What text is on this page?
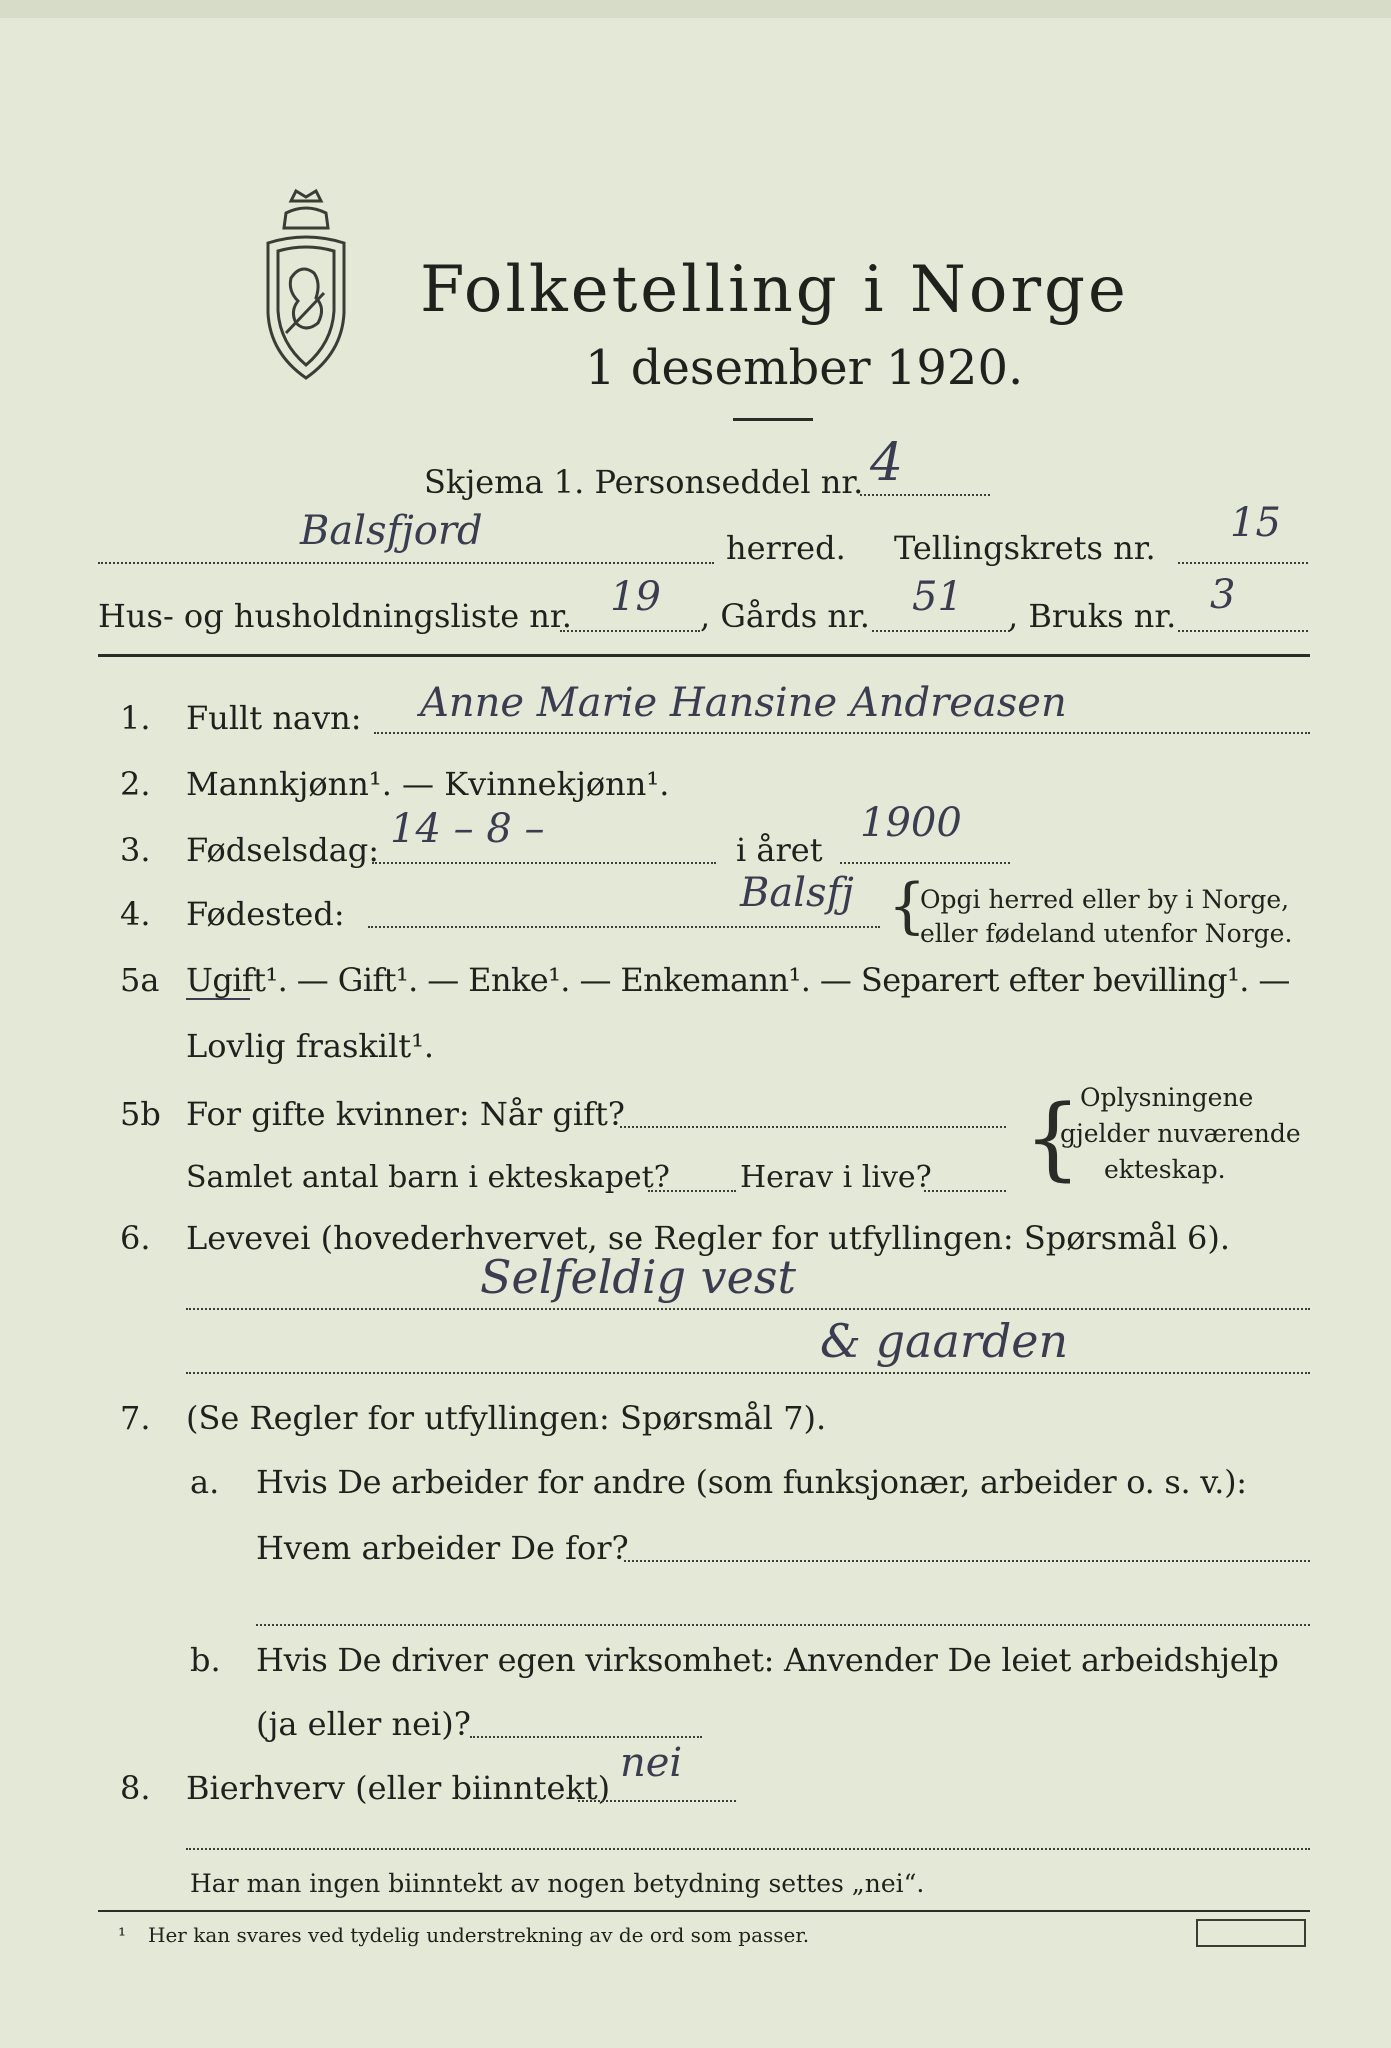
Folketelling i Norge
1 desember 1920.
Skjema 1. Personseddel nr. 4
Balsfjord	herred. Tellingskrets nr.
15
Hus- og husholdningsliste nr. 19 , Gårds nr. 51 , Bruks nr. 3
1. Fullt navn: Anne Marie Hansine Andreasen
2. Mannkjønn¹. — Kvinnekjønn¹.
3. Fødselsdag: 14 – 8 –	i året
1900
4. Fødested:	Balsfj {
Opgi herred eller by i Norge,
eller fødeland utenfor Norge.
5a Ugift¹. — Gift¹. — Enke¹. — Enkemann¹. — Separert efter bevilling¹. —
Lovlig fraskilt¹.
5b For gifte kvinner: Når gift?
Samlet antal barn i ekteskapet? Herav i live? {
Oplysningene
gjelder nuværende
ekteskap.
6. Levevei (hovederhvervet, se Regler for utfyllingen: Spørsmål 6).
Selfeldig vest
& gaarden
7. (Se Regler for utfyllingen: Spørsmål 7).
a. Hvis De arbeider for andre (som funksjonær, arbeider o. s. v.):
Hvem arbeider De for?
b. Hvis De driver egen virksomhet: Anvender De leiet arbeidshjelp
(ja eller nei)?
8. Bierhverv (eller biinntekt)
nei
Har man ingen biinntekt av nogen betydning settes „nei“.
¹ Her kan svares ved tydelig understrekning av de ord som passer.
